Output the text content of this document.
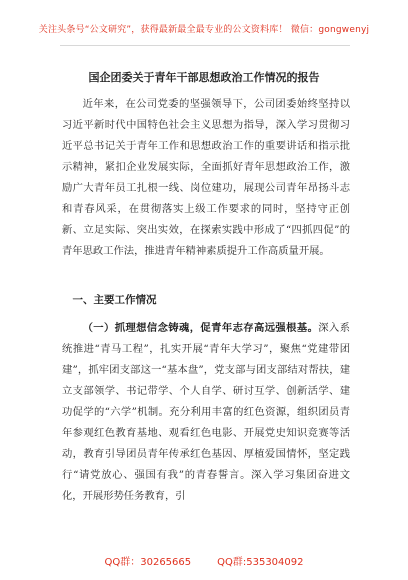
关注头条号“公文研究”，获得最新最全最专业的公文资料库！ 微信：gongwenyj
国企团委关于青年干部思想政治工作情况的报告

近年来，在公司党委的坚强领导下，公司团委始终坚持以习近平新时代中国特色社会主义思想为指导，深入学习贯彻习近平总书记关于青年工作和思想政治工作的重要讲话和指示批示精神，紧扣企业发展实际，全面抓好青年思想政治工作，激励广大青年员工扎根一线、岗位建功，展现公司青年昂扬斗志和青春风采，在贯彻落实上级工作要求的同时，坚持守正创新、立足实际、突出实效，在探索实践中形成了“四抓四促”的青年思政工作法，推进青年精神素质提升工作高质量开展。

一、主要工作情况

（一）抓理想信念铸魂，促青年志存高远强根基。深入系统推进“青马工程”，扎实开展“青年大学习”，聚焦“党建带团建”，抓牢团支部这一“基本盘”，党支部与团支部结对帮扶，建立支部领学、书记带学、个人自学、研讨互学、创新活学、建功促学的“六学”机制。充分利用丰富的红色资源，组织团员青年参观红色教育基地、观看红色电影、开展党史知识竞赛等活动，教育引导团员青年传承红色基因、厚植爱国情怀，坚定践行“请党放心、强国有我”的青春誓言。深入学习集团奋进文化，开展形势任务教育，引

QQ群：30265665	QQ群:535304092
